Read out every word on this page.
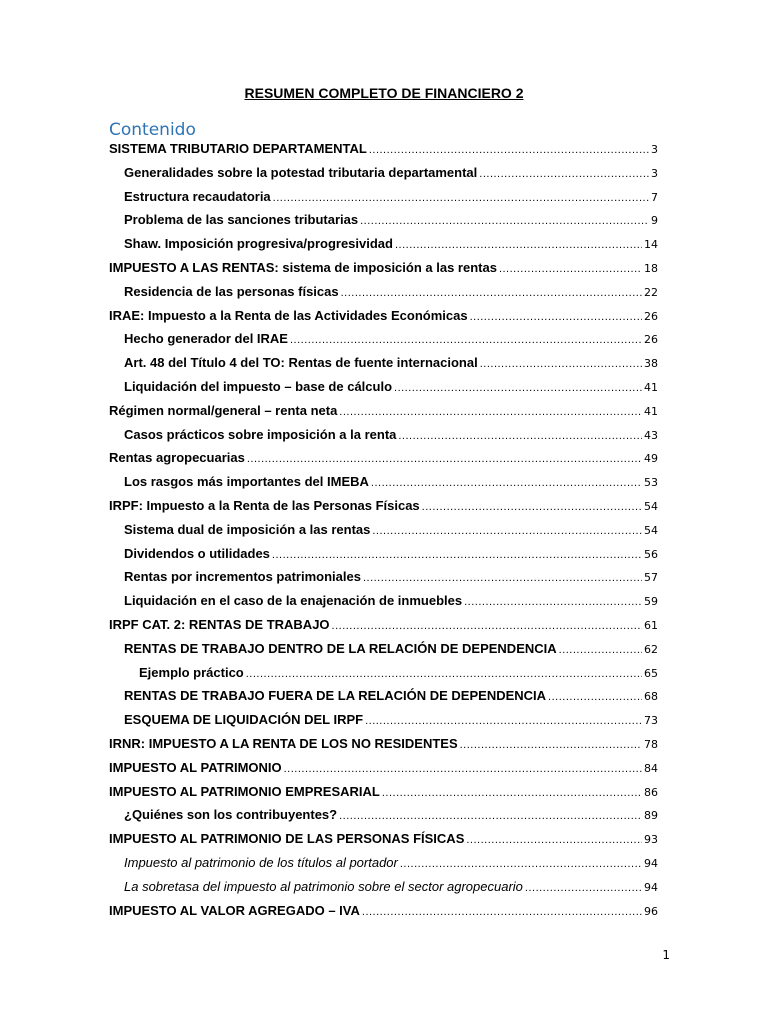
RESUMEN COMPLETO DE FINANCIERO 2
Contenido
SISTEMA TRIBUTARIO DEPARTAMENTAL .....	3
Generalidades sobre la potestad tributaria departamental .....	3
Estructura recaudatoria .....	7
Problema de las sanciones tributarias .....	9
Shaw. Imposición progresiva/progresividad .....	14
IMPUESTO A LAS RENTAS: sistema de imposición a las rentas .....	18
Residencia de las personas físicas .....	22
IRAE: Impuesto a la Renta de las Actividades Económicas .....	26
Hecho generador del IRAE .....	26
Art. 48 del Título 4 del TO: Rentas de fuente internacional .....	38
Liquidación del impuesto – base de cálculo .....	41
Régimen normal/general – renta neta .....	41
Casos prácticos sobre imposición a la renta .....	43
Rentas agropecuarias .....	49
Los rasgos más importantes del IMEBA .....	53
IRPF: Impuesto a la Renta de las Personas Físicas .....	54
Sistema dual de imposición a las rentas .....	54
Dividendos o utilidades .....	56
Rentas por incrementos patrimoniales .....	57
Liquidación en el caso de la enajenación de inmuebles .....	59
IRPF CAT. 2: RENTAS DE TRABAJO .....	61
RENTAS DE TRABAJO DENTRO DE LA RELACIÓN DE DEPENDENCIA .....	62
Ejemplo práctico .....	65
RENTAS DE TRABAJO FUERA DE LA RELACIÓN DE DEPENDENCIA .....	68
ESQUEMA DE LIQUIDACIÓN DEL IRPF .....	73
IRNR: IMPUESTO A LA RENTA DE LOS NO RESIDENTES .....	78
IMPUESTO AL PATRIMONIO .....	84
IMPUESTO AL PATRIMONIO EMPRESARIAL .....	86
¿Quiénes son los contribuyentes? .....	89
IMPUESTO AL PATRIMONIO DE LAS PERSONAS FÍSICAS .....	93
Impuesto al patrimonio de los títulos al portador .....	94
La sobretasa del impuesto al patrimonio sobre el sector agropecuario .....	94
IMPUESTO AL VALOR AGREGADO – IVA .....	96
1
